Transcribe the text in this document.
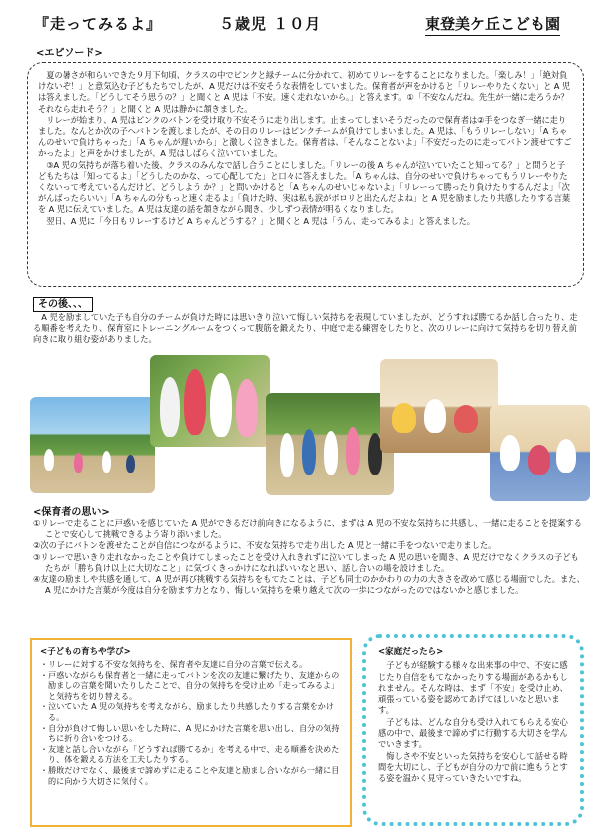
『走ってみるよ』	５歳児 １０月	東登美ケ丘こども園
<エピソード>

夏の暑さが和らいできた９月下旬頃、クラスの中でピンクと緑チームに分かれて、初めてリレーをすることになりました。「楽しみ！」「絶対負けないぞ！」と意気込む子どもたちでしたが、A 児だけは不安そうな表情をしていました。保育者が声をかけると「リレーやりたくない」と A 児は答えました。「どうしてそう思うの？」と聞くと A 児は「不安。速く走れないから。」と答えます。①「不安なんだね。先生が一緒に走ろうか？それなら走れそう？」と聞くと A 児は静かに頷きました。

リレーが始まり、A 児はピンクのバトンを受け取り不安そうに走り出します。止まってしまいそうだったので保育者は②手をつなぎ一緒に走りました。なんとか次の子へバトンを渡しましたが、その日のリレーはピンクチームが負けてしまいました。A 児は、「もうリレーしない」「A ちゃんのせいで負けちゃった」「A ちゃんが遅いから」と激しく泣きました。保育者は、「そんなことないよ」「不安だったのに走ってバトン渡せてすごかったよ」と声をかけましたが、A 児はしばらく泣いていました。

③A 児の気持ちが落ち着いた後、クラスのみんなで話し合うことにしました。「リレーの後 A ちゃんが泣いていたこと知ってる？」と問うと子どもたちは「知ってるよ」「どうしたのかな、って心配してた」と口々に答えました。「A ちゃんは、自分のせいで負けちゃってもうリレーやりたくないって考えているんだけど、どうしよう か？」と問いかけると「A ちゃんのせいじゃないよ」「リレーって勝ったり負けたりするんだよ」「次がんばったらいい」「A ちゃんの分もっと速く走るよ」「負けた時、実は私も涙がポロリと出たんだよね」と A 児を励ましたり共感したりする言葉を A 児に伝えていました。A 児は友達の話を頷きながら聞き、少しずつ表情が明るくなりました。

翌日、A 児に「今日もリレーするけど A ちゃんどうする？」と聞くと A 児は「うん、走ってみるよ」と答えました。

その後、、、

A 児を励ましていた子も自分のチームが負けた時には思いきり泣いて悔しい気持ちを表現していましたが、どうすれば勝てるか話し合ったり、走る順番を考えたり、保育室にトレーニングルームをつくって腹筋を鍛えたり、中庭で走る練習をしたりと、次のリレーに向けて気持ちを切り替え前向きに取り組む姿がありました。

<保育者の思い>
①リレーで走ることに戸惑いを感じていた A 児ができるだけ前向きになるように、まずは A 児の不安な気持ちに共感し、一緒に走ることを提案することで安心して挑戦できるよう寄り添いました。
②次の子にバトンを渡せたことが自信につながるように、不安な気持ちで走り出した A 児と一緒に手をつないで走りました。
③リレーで思いきり走れなかったことや負けてしまったことを受け入れきれずに泣いてしまった A 児の思いを聞き、A 児だけでなくクラスの子どもたちが「勝ち負け以上に大切なこと」に気づくきっかけになればいいなと思い、話し合いの場を設けました。
④友達の励ましや共感を通して、A 児が再び挑戦する気持ちをもてたことは、子ども同士のかかわりの力の大きさを改めて感じる場面でした。また、A 児にかけた言葉が今度は自分を励ます力となり、悔しい気持ちを乗り越えて次の一歩につながったのではないかと感じました。

<子どもの育ちや学び>

・リレーに対する不安な気持ちを、保育者や友達に自分の言葉で伝える。
・戸惑いながらも保育者と一緒に走ってバトンを次の友達に繋げたり、友達からの励ましの言葉を聞いたりしたことで、自分の気持ちを受け止め「走ってみるよ」と気持ちを切り替える。
・泣いていた A 児の気持ちを考えながら、励ましたり共感したりする言葉をかける。
・自分が負けて悔しい思いをした時に、A 児にかけた言葉を思い出し、自分の気持ちに折り合いをつける。
・友達と話し合いながら「どうすれば勝てるか」を考える中で、走る順番を決めたり、体を鍛える方法を工夫したりする。
・勝敗だけでなく、最後まで諦めずに走ることや友達と励まし合いながら一緒に目的に向かう大切さに気付く。

<家庭だったら>

子どもが経験する様々な出来事の中で、不安に感じたり自信をもてなかったりする場面があるかもしれません。そんな時は、まず「不安」を受け止め、頑張っている姿を認めてあげてほしいなと思います。

子どもは、どんな自分も受け入れてもらえる安心感の中で、最後まで諦めずに行動する大切さを学んでいきます。

悔しさや不安といった気持ちを安心して話せる時間を大切にし、子どもが自分の力で前に進もうとする姿を温かく見守っていきたいですね。
